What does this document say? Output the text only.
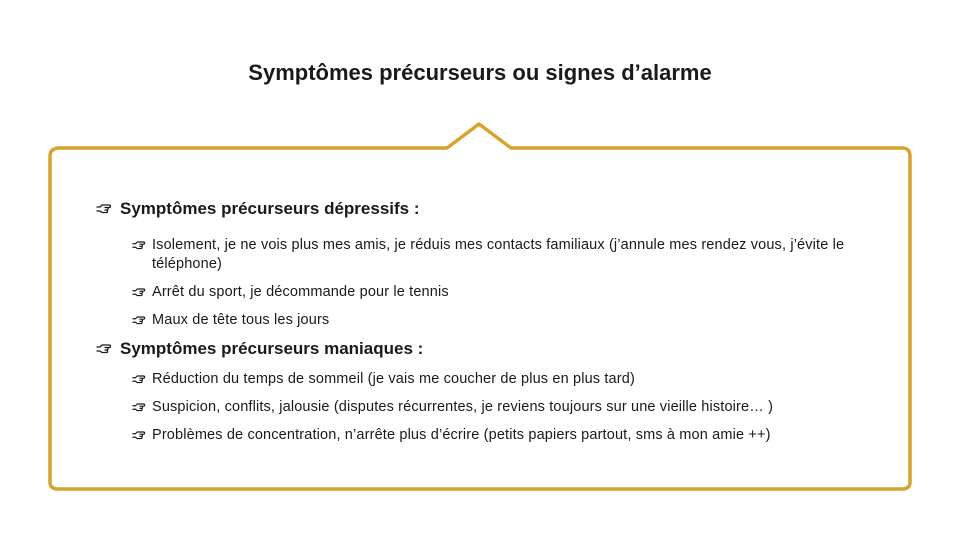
Symptômes précurseurs ou signes d’alarme
Symptômes précurseurs dépressifs :
Isolement, je ne vois plus mes amis, je réduis mes contacts familiaux (j’annule mes rendez vous, j’évite le téléphone)
Arrêt du sport, je décommande pour le tennis
Maux de tête tous les jours
Symptômes précurseurs maniaques :
Réduction du temps de sommeil (je vais me coucher de plus en plus tard)
Suspicion, conflits, jalousie (disputes récurrentes, je reviens toujours sur une vieille histoire… )
Problèmes de concentration, n’arrête plus d’écrire (petits papiers partout, sms à mon amie ++)
